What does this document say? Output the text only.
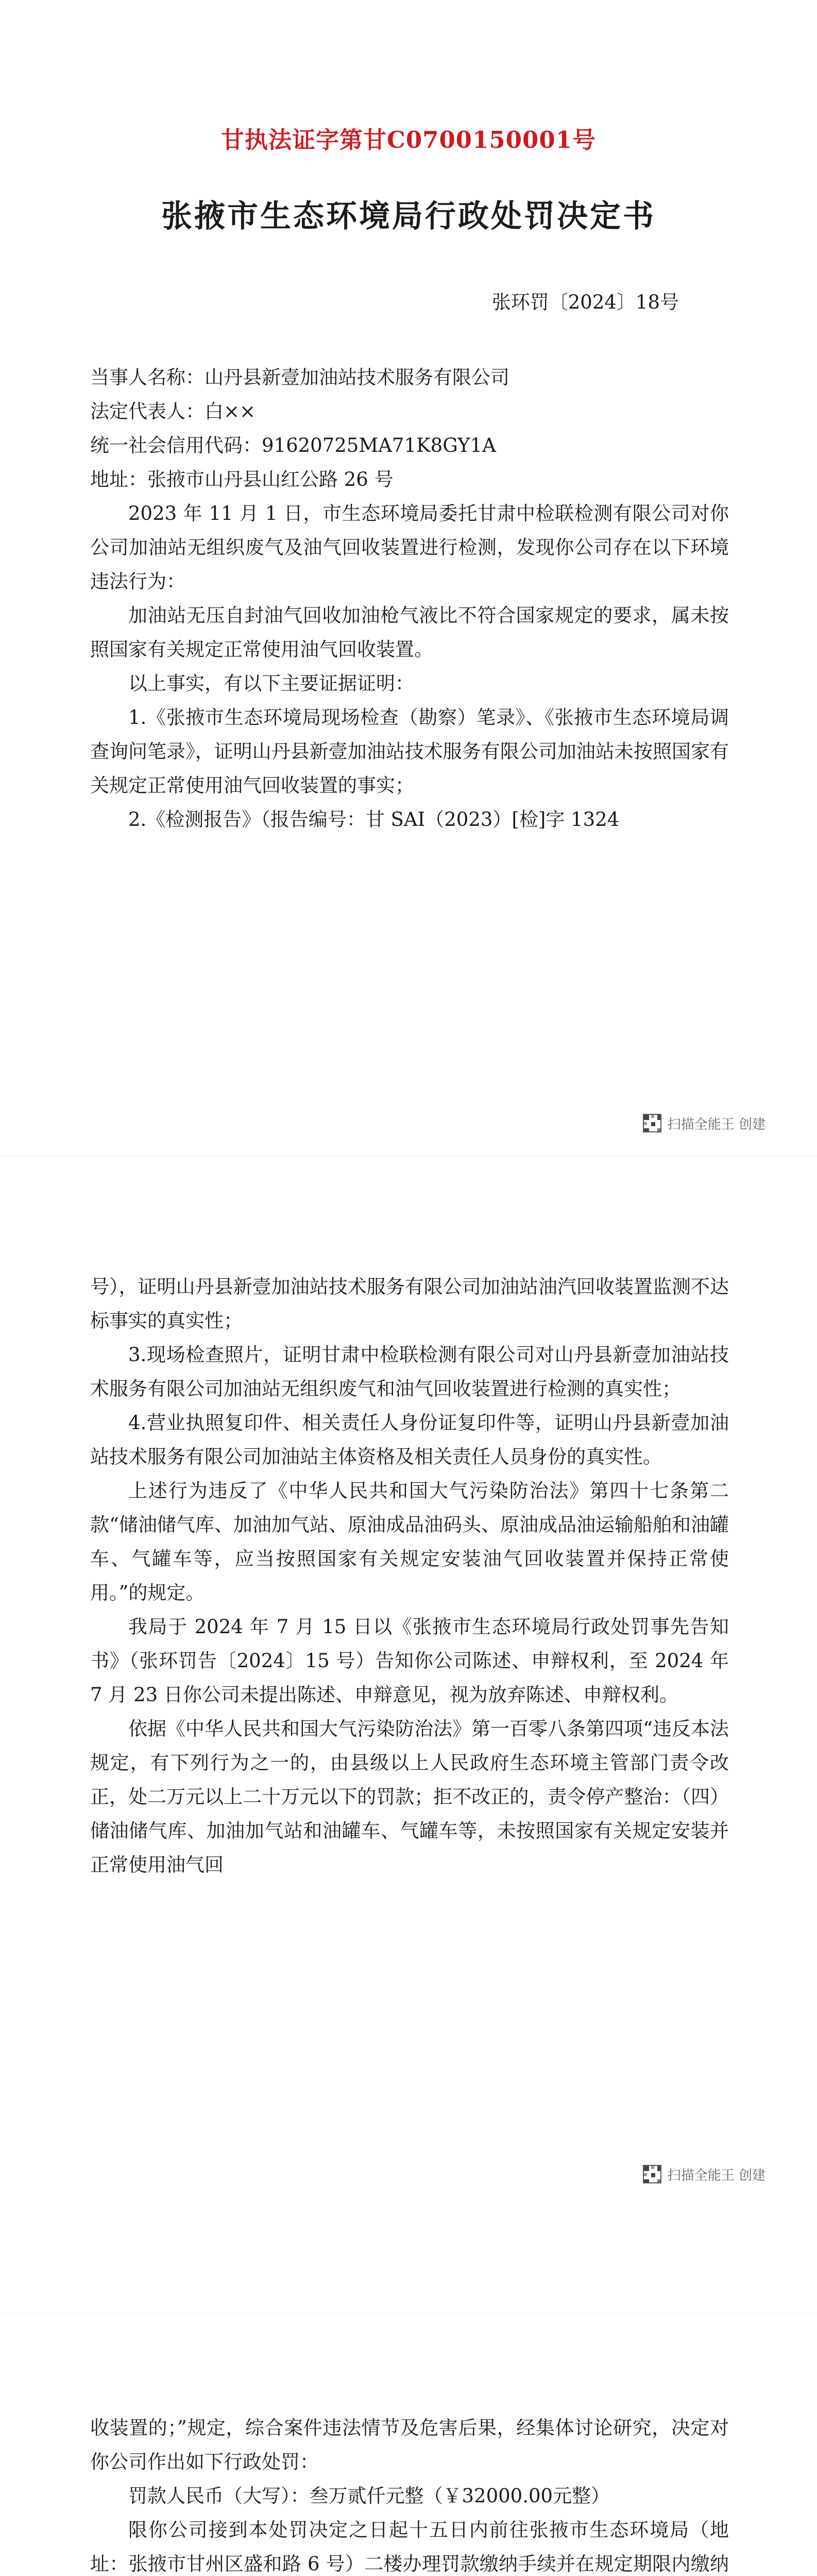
甘执法证字第甘C0700150001号
张掖市生态环境局行政处罚决定书
张环罚〔2024〕18号

当事人名称：山丹县新壹加油站技术服务有限公司

法定代表人：白××

统一社会信用代码：91620725MA71K8GY1A

地址：张掖市山丹县山红公路 26 号

2023 年 11 月 1 日，市生态环境局委托甘肃中检联检测有限公司对你公司加油站无组织废气及油气回收装置进行检测，发现你公司存在以下环境违法行为：

加油站无压自封油气回收加油枪气液比不符合国家规定的要求，属未按照国家有关规定正常使用油气回收装置。

以上事实，有以下主要证据证明：

1.《张掖市生态环境局现场检查（勘察）笔录》、《张掖市生态环境局调查询问笔录》，证明山丹县新壹加油站技术服务有限公司加油站未按照国家有关规定正常使用油气回收装置的事实；

2.《检测报告》（报告编号：甘 SAI（2023）[检]字 1324

扫描全能王 创建

号），证明山丹县新壹加油站技术服务有限公司加油站油汽回收装置监测不达标事实的真实性；

3.现场检查照片，证明甘肃中检联检测有限公司对山丹县新壹加油站技术服务有限公司加油站无组织废气和油气回收装置进行检测的真实性；

4.营业执照复印件、相关责任人身份证复印件等，证明山丹县新壹加油站技术服务有限公司加油站主体资格及相关责任人员身份的真实性。

上述行为违反了《中华人民共和国大气污染防治法》第四十七条第二款“储油储气库、加油加气站、原油成品油码头、原油成品油运输船舶和油罐车、气罐车等，应当按照国家有关规定安装油气回收装置并保持正常使用。”的规定。

我局于 2024 年 7 月 15 日以《张掖市生态环境局行政处罚事先告知书》（张环罚告〔2024〕15 号）告知你公司陈述、申辩权利，至 2024 年 7 月 23 日你公司未提出陈述、申辩意见，视为放弃陈述、申辩权利。

依据《中华人民共和国大气污染防治法》第一百零八条第四项“违反本法规定，有下列行为之一的，由县级以上人民政府生态环境主管部门责令改正，处二万元以上二十万元以下的罚款；拒不改正的，责令停产整治：（四）储油储气库、加油加气站和油罐车、气罐车等，未按照国家有关规定安装并正常使用油气回

扫描全能王 创建

收装置的；”规定，综合案件违法情节及危害后果，经集体讨论研究，决定对你公司作出如下行政处罚：

罚款人民币（大写）：叁万贰仟元整（￥32000.00元整）

限你公司接到本处罚决定之日起十五日内前往张掖市生态环境局（地址：张掖市甘州区盛和路 6 号）二楼办理罚款缴纳手续并在规定期限内缴纳
